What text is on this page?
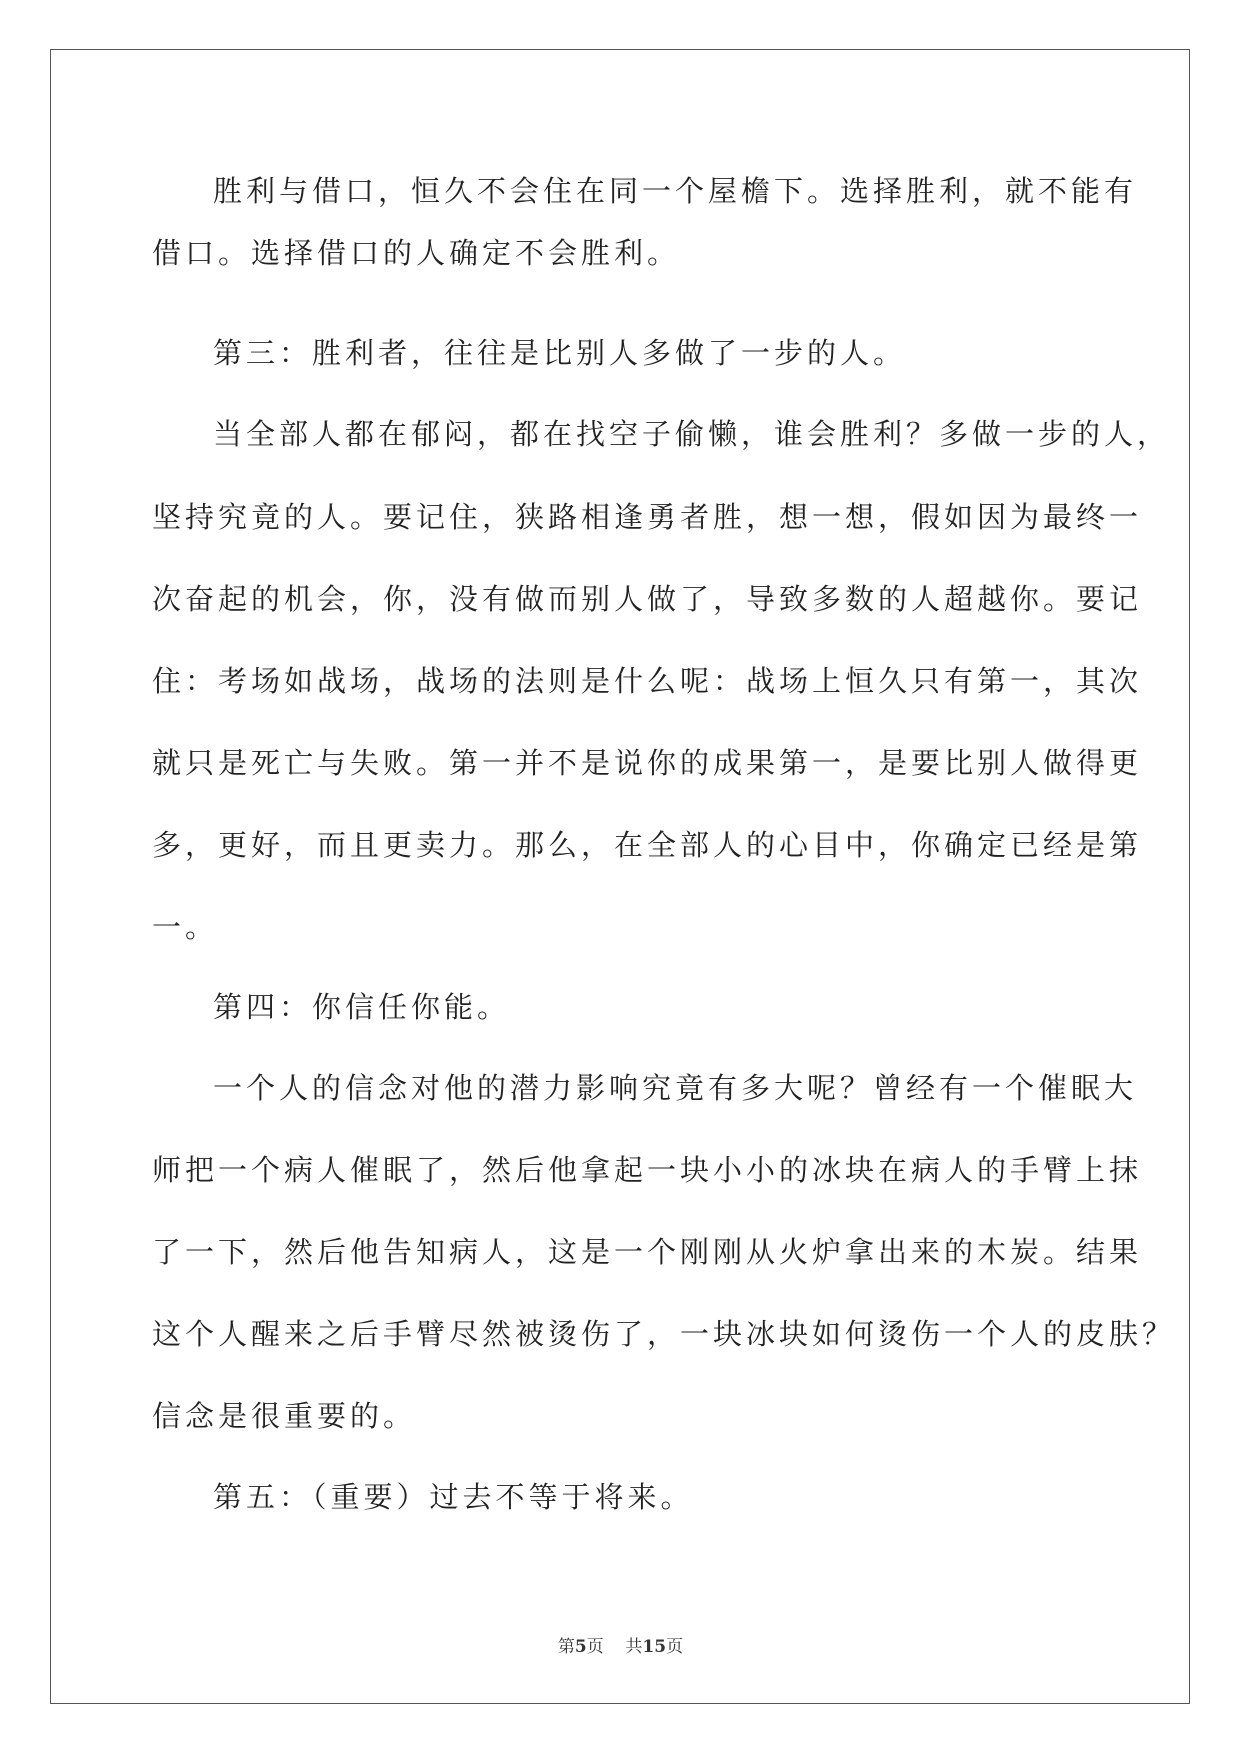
胜利与借口，恒久不会住在同一个屋檐下。选择胜利，就不能有
借口。选择借口的人确定不会胜利。
第三：胜利者，往往是比别人多做了一步的人。
当全部人都在郁闷，都在找空子偷懒，谁会胜利？多做一步的人，
坚持究竟的人。要记住，狭路相逢勇者胜，想一想，假如因为最终一
次奋起的机会，你，没有做而别人做了，导致多数的人超越你。要记
住：考场如战场，战场的法则是什么呢：战场上恒久只有第一，其次
就只是死亡与失败。第一并不是说你的成果第一，是要比别人做得更
多，更好，而且更卖力。那么，在全部人的心目中，你确定已经是第
一。
第四：你信任你能。
一个人的信念对他的潜力影响究竟有多大呢？曾经有一个催眠大
师把一个病人催眠了，然后他拿起一块小小的冰块在病人的手臂上抹
了一下，然后他告知病人，这是一个刚刚从火炉拿出来的木炭。结果
这个人醒来之后手臂尽然被烫伤了，一块冰块如何烫伤一个人的皮肤？
信念是很重要的。
第五：（重要）过去不等于将来。
第5页 共15页
